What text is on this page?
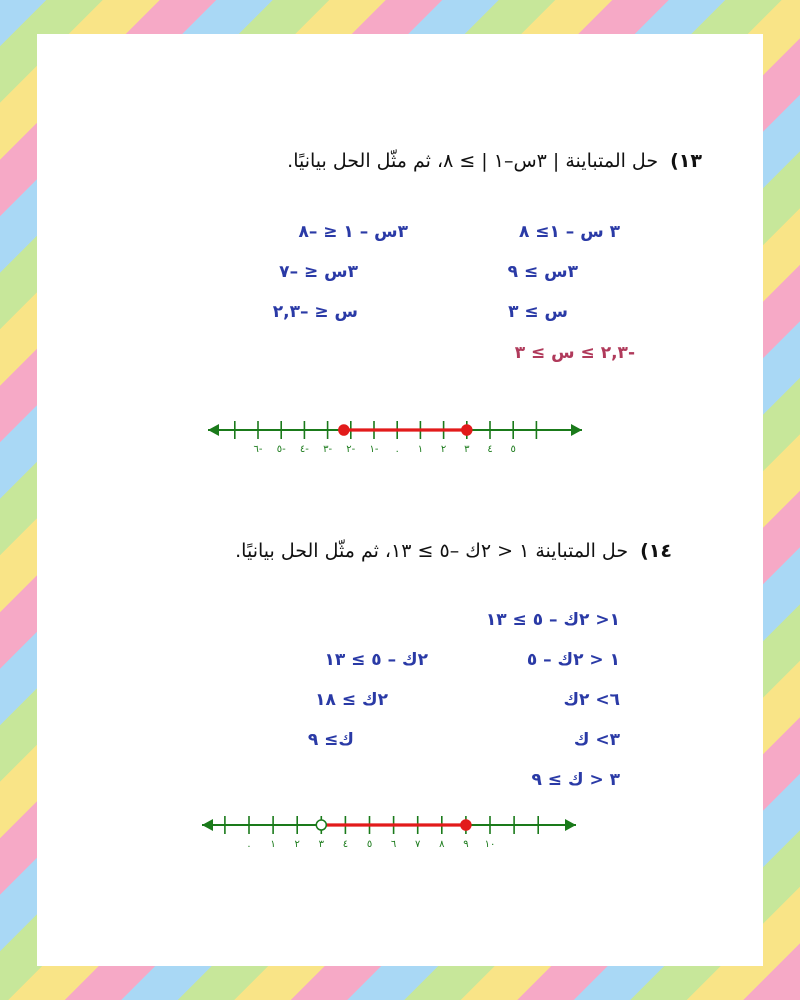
١٣) حل المتباينة | ٣س–١ | ≥ ٨، ثم مثّل الحل بيانيًا.
٣ س – ١≥ ٨
٣س ≥ ٩
س ≥ ٣
-٢,٣ ≥ س ≥ ٣
٣س – ١ ≤ –٨
٣س ≤ –٧
س ≤ –٢,٣
٦- ٥- ٤- ٣- ٢- ١- . ١ ٢ ٣ ٤ ٥
١٤) حل المتباينة ١ < ٢ك –٥ ≥ ١٣، ثم مثّل الحل بيانيًا.
١< ٢ك – ٥ ≥ ١٣
١ < ٢ك – ٥
٦> ٢ك
٣> ك
٣ < ك ≥ ٩
٢ك – ٥ ≥ ١٣
٢ك ≥ ١٨
ك≥ ٩
. ١ ٢ ٣ ٤ ٥ ٦ ٧ ٨ ٩ ١٠
